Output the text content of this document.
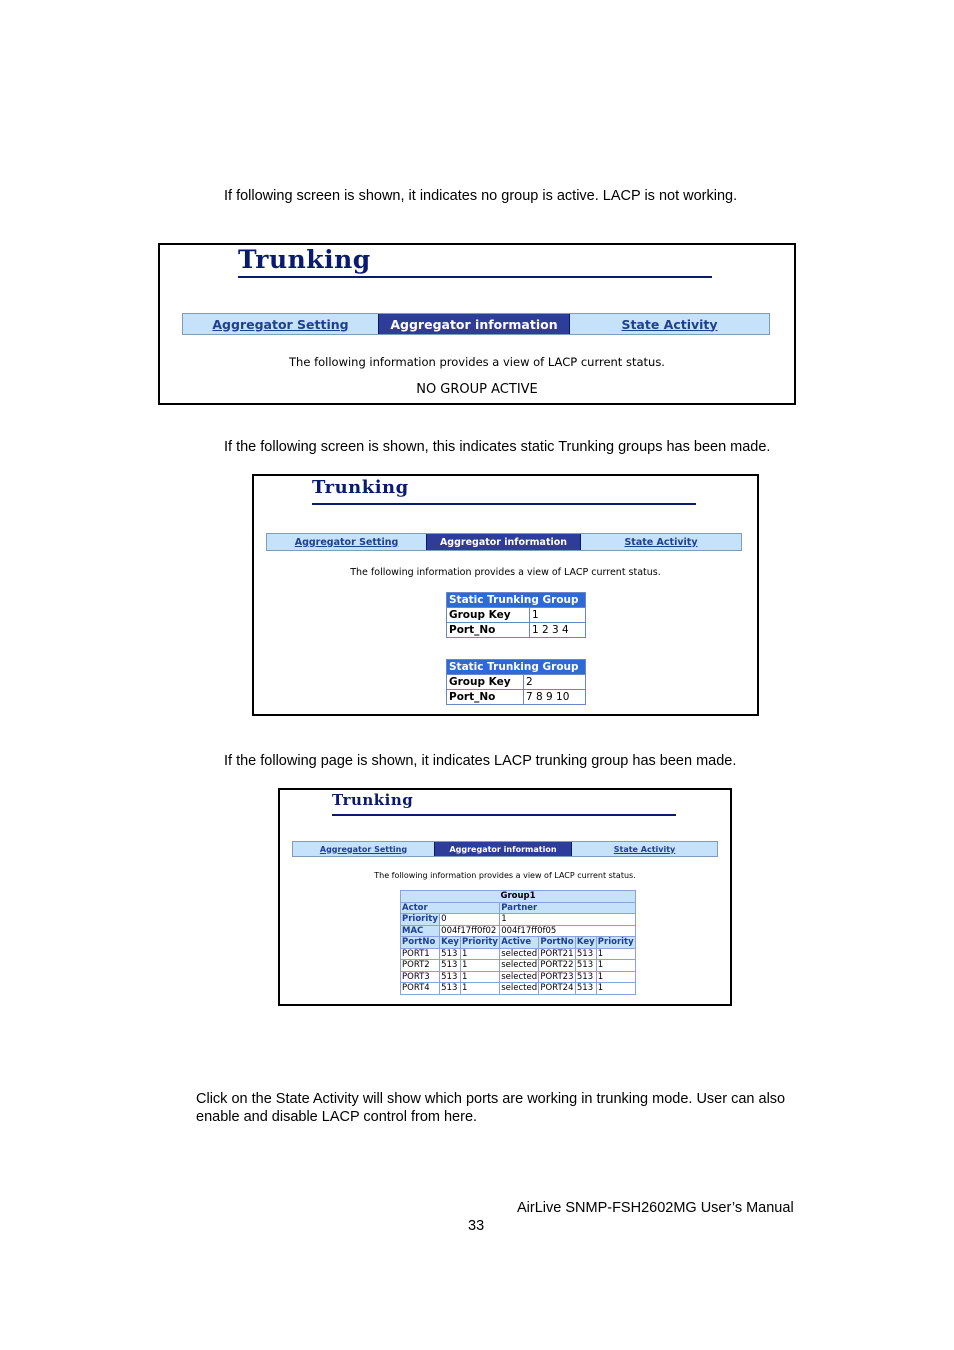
If following screen is shown, it indicates no group is active. LACP is not working.

Trunking
Aggregator Setting	Aggregator information	State Activity
The following information provides a view of LACP current status.
NO GROUP ACTIVE

If the following screen is shown, this indicates static Trunking groups has been made.

Trunking
Aggregator Setting	Aggregator information	State Activity
The following information provides a view of LACP current status.
Static Trunking Group	
Group Key	1
Port_No	1 2 3 4
Static Trunking Group	
Group Key	2
Port_No	7 8 9 10

If the following page is shown, it indicates LACP trunking group has been made.

Trunking
Aggregator Setting	Aggregator information	State Activity
The following information provides a view of LACP current status.
Group1						
Actor			Partner			
Priority	0		1			
MAC	004f17ff0f02		004f17ff0f05			
PortNo	Key	Priority	Active	PortNo	Key	Priority
PORT1	513	1	selected	PORT21	513	1
PORT2	513	1	selected	PORT22	513	1
PORT3	513	1	selected	PORT23	513	1
PORT4	513	1	selected	PORT24	513	1

Click on the State Activity will show which ports are working in trunking mode. User can also enable and disable LACP control from here.

AirLive SNMP-FSH2602MG User’s Manual
33
